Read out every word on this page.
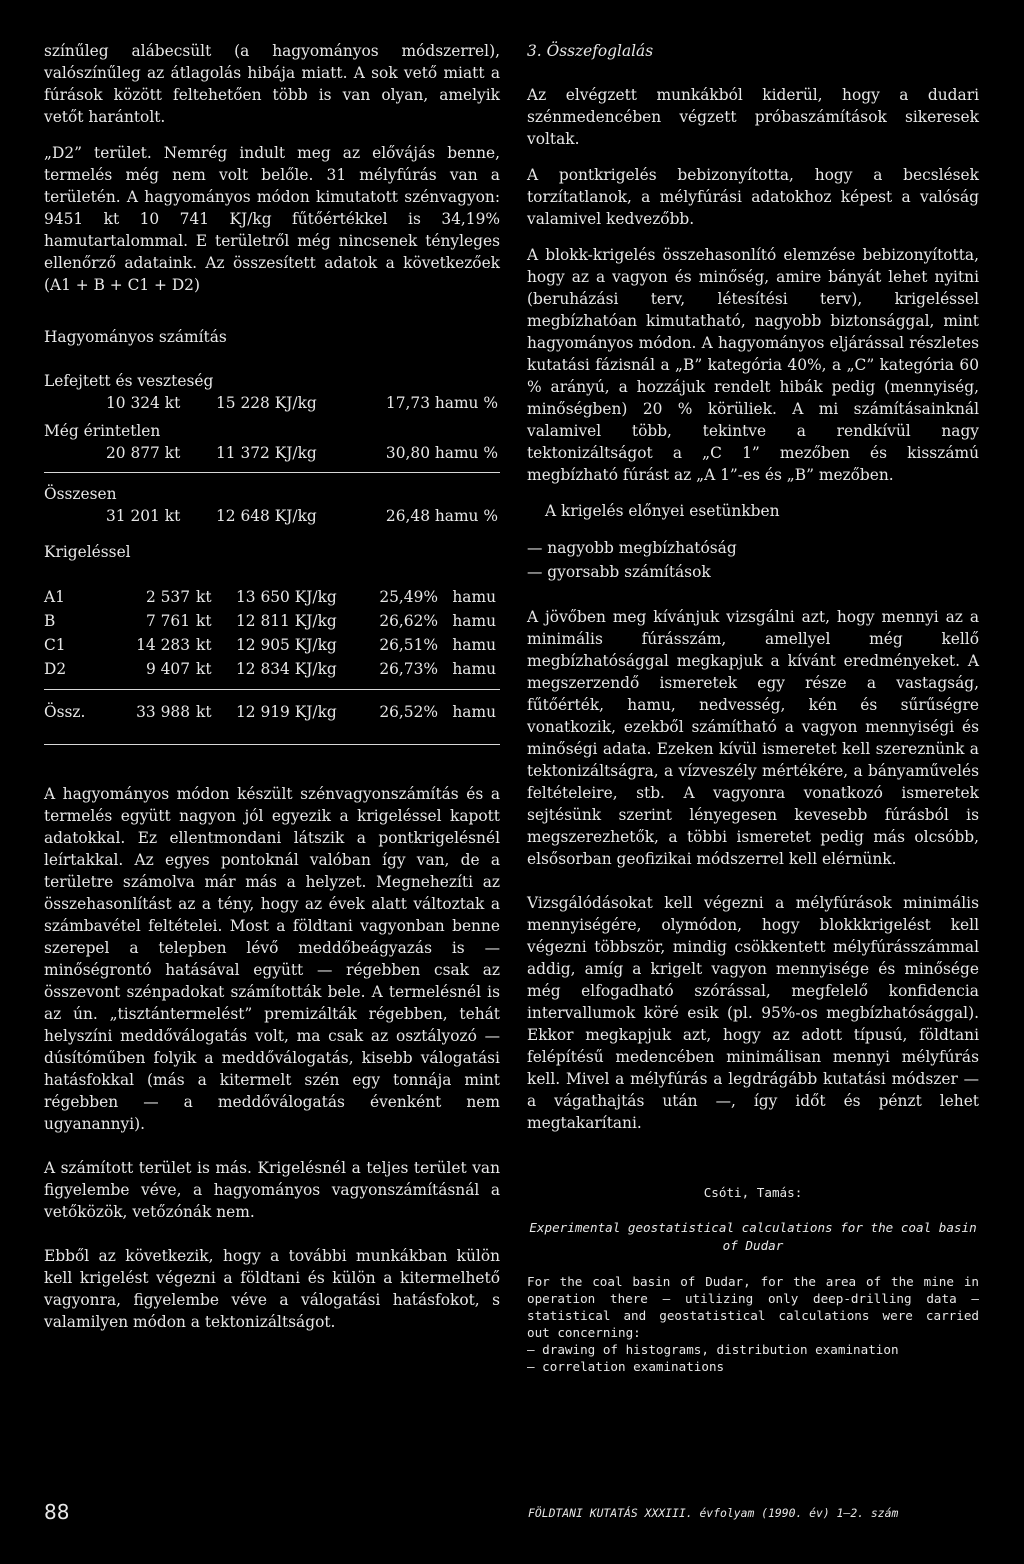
színűleg alábecsült (a hagyományos módszerrel), valószínűleg az átlagolás hibája miatt. A sok vető miatt a fúrások között feltehetően több is van olyan, amelyik vetőt harántolt.

„D2” terület. Nemrég indult meg az előváјás benne, termelés még nem volt belőle. 31 mélyfúrás van a területén. A hagyományos módon kimutatott szénvagyon: 9451 kt 10 741 KJ/kg fűtőértékkel is 34,19% hamutartalommal. E területről még nincsenek tényleges ellenőrző adataink. Az összesített adatok a következőek (A1 + B + C1 + D2)

Hagyományos számítás
Lefejtett és veszteség
10 324 kt	15 228 KJ/kg	17,73 hamu %
Még érintetlen
20 877 kt	11 372 KJ/kg	30,80 hamu %
Összesen
31 201 kt	12 648 KJ/kg	26,48 hamu %
Krigeléssel
A1	2 537 kt	13 650 KJ/kg	25,49% hamu
B	7 761 kt	12 811 KJ/kg	26,62% hamu
C1	14 283 kt	12 905 KJ/kg	26,51% hamu
D2	9 407 kt	12 834 KJ/kg	26,73% hamu
Össz.	33 988 kt	12 919 KJ/kg	26,52% hamu

A hagyományos módon készült szénvagyonszámítás és a termelés együtt nagyon jól egyezik a krigeléssel kapott adatokkal. Ez ellentmondani látszik a pontkrigelésnél leírtakkal. Az egyes pontoknál valóban így van, de a területre számolva már más a helyzet. Megnehezíti az összehasonlítást az a tény, hogy az évek alatt változtak a számbavétel feltételei. Most a földtani vagyonban benne szerepel a telepben lévő meddőbeágyazás is — minőségrontó hatásával együtt — régebben csak az összevont szénpadokat számították bele. A termelésnél is az ún. „tisztántermelést” premizálták régebben, tehát helyszíni meddőválogatás volt, ma csak az osztályozó — dúsítóműben folyik a meddőválogatás, kisebb válogatási hatásfokkal (más a kitermelt szén egy tonnája mint régebben — a meddőválogatás évenként nem ugyanannyi).

A számított terület is más. Krigelésnél a teljes terület van figyelembe véve, a hagyományos vagyonszámításnál a vetőközök, vetőzónák nem.

Ebből az következik, hogy a további munkákban külön kell krigelést végezni a földtani és külön a kitermelhető vagyonra, figyelembe véve a válogatási hatásfokot, s valamilyen módon a tektonizáltságot.

3. Összefoglalás

Az elvégzett munkákból kiderül, hogy a dudari szénmedencében végzett próbaszámítások sikeresek voltak.

A pontkrigelés bebizonyította, hogy a becslések torzítatlanok, a mélyfúrási adatokhoz képest a valóság valamivel kedvezőbb.

A blokk-krigelés összehasonlító elemzése bebizonyította, hogy az a vagyon és minőség, amire bányát lehet nyitni (beruházási terv, létesítési terv), krigeléssel megbízhatóan kimutatható, nagyobb biztonsággal, mint hagyományos módon. A hagyományos eljárással részletes kutatási fázisnál a „B” kategória 40%, a „C” kategória 60 % arányú, a hozzájuk rendelt hibák pedig (mennyiség, minőségben) 20 % körüliek. A mi számításainknál valamivel több, tekintve a rendkívül nagy tektonizáltságot a „C 1” mezőben és kisszámú megbízható fúrást az „A 1”-es és „B” mezőben.

A krigelés előnyei esetünkben
— nagyobb megbízhatóság
— gyorsabb számítások

A jövőben meg kívánjuk vizsgálni azt, hogy mennyi az a minimális fúrásszám, amellyel még kellő megbízhatósággal megkapjuk a kívánt eredményeket. A megszerzendő ismeretek egy része a vastagság, fűtőérték, hamu, nedvesség, kén és sűrűségre vonatkozik, ezekből számítható a vagyon mennyiségi és minőségi adata. Ezeken kívül ismeretet kell szereznünk a tektonizáltságra, a vízveszély mértékére, a bányaművelés feltételeire, stb. A vagyonra vonatkozó ismeretek sejtésünk szerint lényegesen kevesebb fúrásból is megszerezhetők, a többi ismeretet pedig más olcsóbb, elsősorban geofizikai módszerrel kell elérnünk.

Vizsgálódásokat kell végezni a mélyfúrások minimális mennyiségére, olymódon, hogy blokkkrigelést kell végezni többször, mindig csökkentett mélyfúrásszámmal addig, amíg a krigelt vagyon mennyisége és minősége még elfogadható szórással, megfelelő konfidencia intervallumok köré esik (pl. 95%-os megbízhatósággal). Ekkor megkapjuk azt, hogy az adott típusú, földtani felépítésű medencében minimálisan mennyi mélyfúrás kell. Mivel a mélyfúrás a legdrágább kutatási módszer — a vágathajtás után —, így időt és pénzt lehet megtakarítani.

Csóti, Tamás:
Experimental geostatistical calculations for the coal basin of Dudar
For the coal basin of Dudar, for the area of the mine in operation there — utilizing only deep-drilling data — statistical and geostatistical calculations were carried out concerning:
— drawing of histograms, distribution examination
— correlation examinations
88	FÖLDTANI KUTATÁS XXXIII. évfolyam (1990. év) 1—2. szám
